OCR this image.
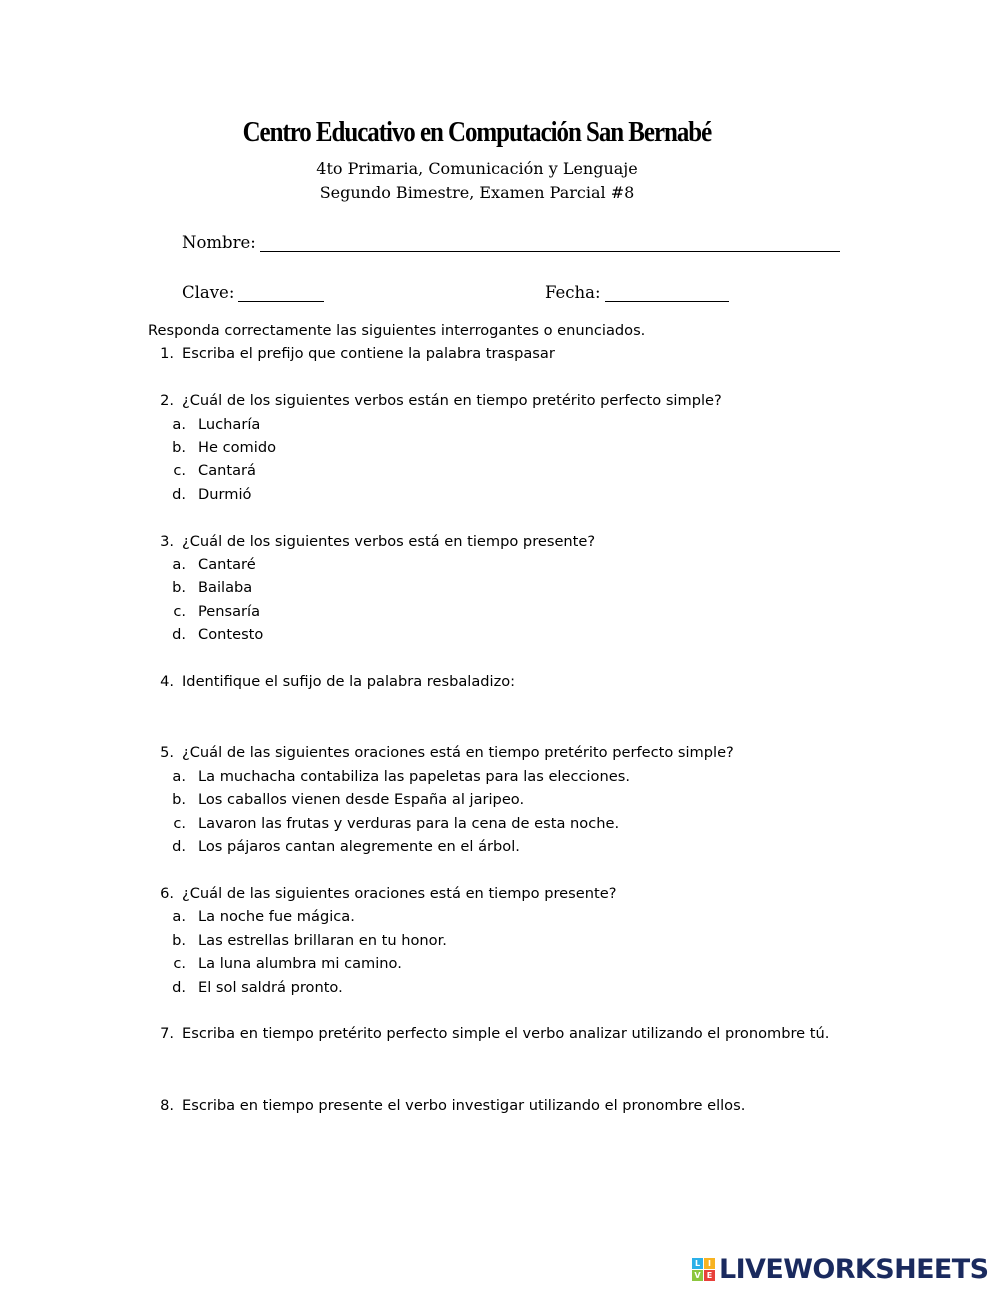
Centro Educativo en Computación San Bernabé
4to Primaria, Comunicación y Lenguaje
Segundo Bimestre, Examen Parcial #8
Nombre:
Clave:	Fecha:

Responda correctamente las siguientes interrogantes o enunciados.

1. Escriba el prefijo que contiene la palabra traspasar
2. ¿Cuál de los siguientes verbos están en tiempo pretérito perfecto simple?
a. Lucharía
b. He comido
c. Cantará
d. Durmió
3. ¿Cuál de los siguientes verbos está en tiempo presente?
a. Cantaré
b. Bailaba
c. Pensaría
d. Contesto
4. Identifique el sufijo de la palabra resbaladizo:
5. ¿Cuál de las siguientes oraciones está en tiempo pretérito perfecto simple?
a. La muchacha contabiliza las papeletas para las elecciones.
b. Los caballos vienen desde España al jaripeo.
c. Lavaron las frutas y verduras para la cena de esta noche.
d. Los pájaros cantan alegremente en el árbol.
6. ¿Cuál de las siguientes oraciones está en tiempo presente?
a. La noche fue mágica.
b. Las estrellas brillaran en tu honor.
c. La luna alumbra mi camino.
d. El sol saldrá pronto.
7. Escriba en tiempo pretérito perfecto simple el verbo analizar utilizando el pronombre tú.
8. Escriba en tiempo presente el verbo investigar utilizando el pronombre ellos.
L I
V E LIVEWORKSHEETS
